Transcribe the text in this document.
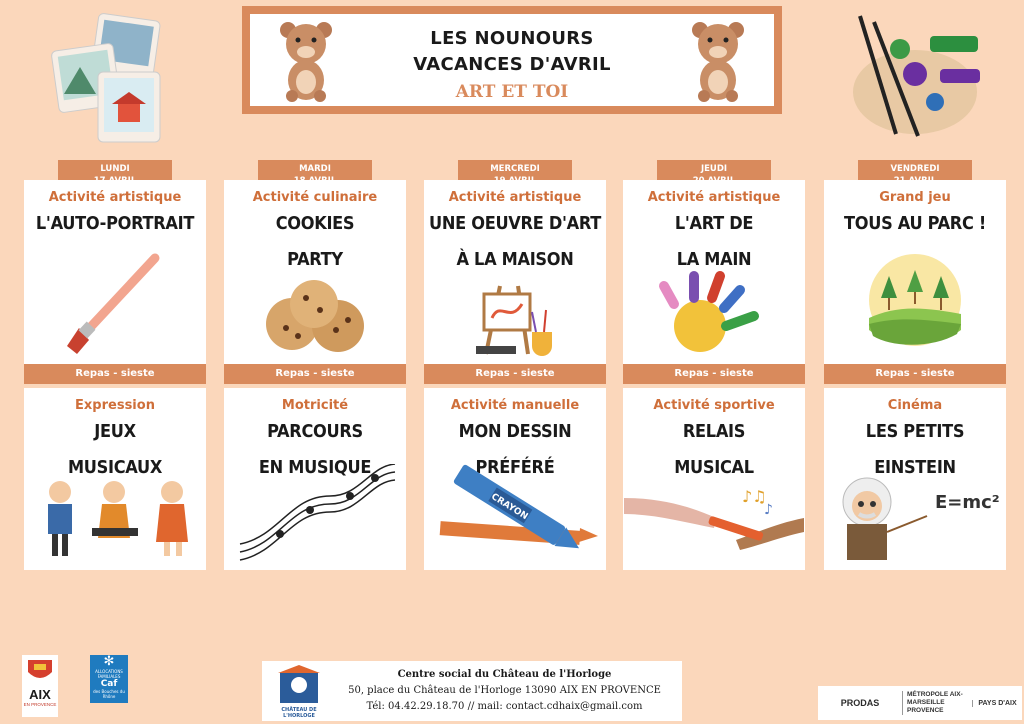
LES NOUNOURS
VACANCES D'AVRIL
ART ET TOI
LUNDI
Activité artistique
L'AUTO-PORTRAIT
Repas - sieste
Expression
JEUX
MUSICAUX
MARDI
Activité culinaire
COOKIES
PARTY
Repas - sieste
Motricité
PARCOURS
EN MUSIQUE
MERCREDI
Activité artistique
UNE OEUVRE D'ART
À LA MAISON
Repas - sieste
Activité manuelle
MON DESSIN
PRÉFÉRÉ
CRAYON
JEUDI
Activité artistique
L'ART DE
LA MAIN
Repas - sieste
Activité sportive
RELAIS
MUSICAL
♪♫
♪
VENDREDI
Grand jeu
TOUS AU PARC !
Repas - sieste
Cinéma
LES PETITS
EINSTEIN
E=mc²
AIX
EN PROVENCE
✻
ALLOCATIONS FAMILIALES
Caf
des Bouches du Rhône
CHÂTEAU DE L'HORLOGE
Centre social du Château de l'Horloge
50, place du Château de l'Horloge 13090 AIX EN PROVENCE
Tél: 04.42.29.18.70 // mail: contact.cdhaix@gmail.com	PRODAS
MÉTROPOLE AIX-MARSEILLE PROVENCE
PAYS D'AIX
